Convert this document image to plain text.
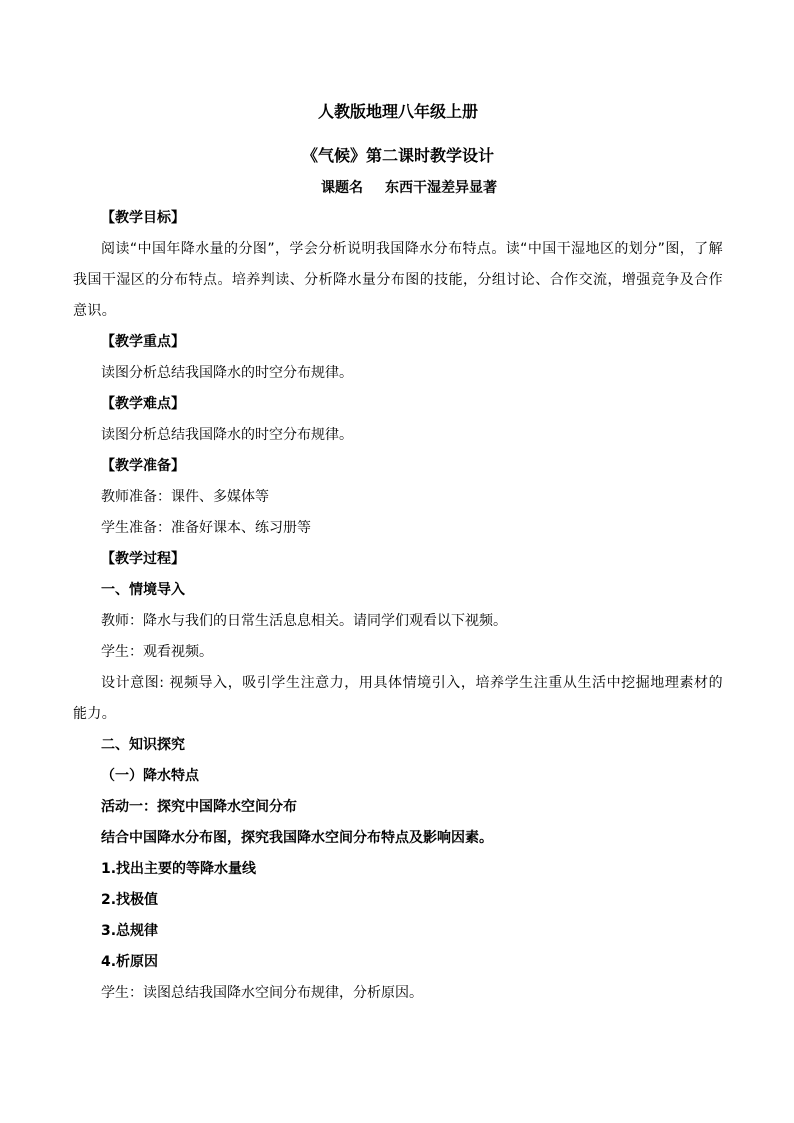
人教版地理八年级上册
《气候》第二课时教学设计
课题名 东西干湿差异显著
【教学目标】
阅读“中国年降水量的分图”，学会分析说明我国降水分布特点。读“中国干湿地区的划分”图，了解我国干湿区的分布特点。培养判读、分析降水量分布图的技能，分组讨论、合作交流，增强竞争及合作意识。
【教学重点】
读图分析总结我国降水的时空分布规律。
【教学难点】
读图分析总结我国降水的时空分布规律。
【教学准备】
教师准备：课件、多媒体等
学生准备：准备好课本、练习册等
【教学过程】
一、情境导入
教师：降水与我们的日常生活息息相关。请同学们观看以下视频。
学生：观看视频。
设计意图: 视频导入，吸引学生注意力，用具体情境引入，培养学生注重从生活中挖掘地理素材的能力。
二、知识探究
（一）降水特点
活动一：探究中国降水空间分布
结合中国降水分布图，探究我国降水空间分布特点及影响因素。
1.找出主要的等降水量线
2.找极值
3.总规律
4.析原因
学生：读图总结我国降水空间分布规律，分析原因。
